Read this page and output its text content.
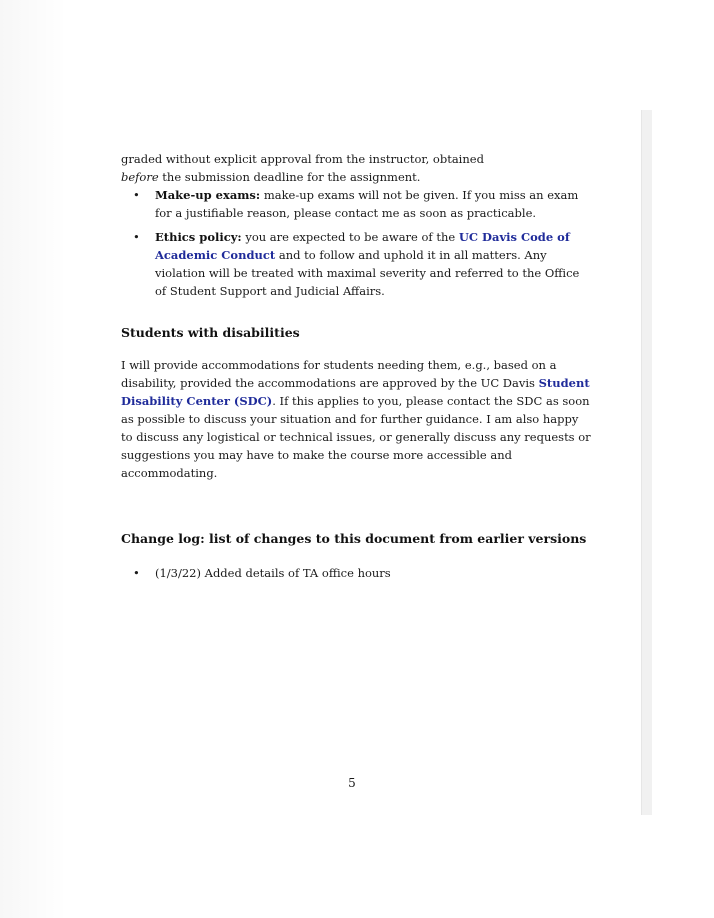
graded without explicit approval from the instructor, obtained before the submission deadline for the assignment.

• Make-up exams: make-up exams will not be given. If you miss an exam for a justifiable reason, please contact me as soon as practicable.
• Ethics policy: you are expected to be aware of the UC Davis Code of Academic Conduct and to follow and uphold it in all matters. Any violation will be treated with maximal severity and referred to the Office of Student Support and Judicial Affairs.
Students with disabilities

I will provide accommodations for students needing them, e.g., based on a disability, provided the accommodations are approved by the UC Davis Student Disability Center (SDC). If this applies to you, please contact the SDC as soon as possible to discuss your situation and for further guidance. I am also happy to discuss any logistical or technical issues, or generally discuss any requests or suggestions you may have to make the course more accessible and accommodating.

Change log: list of changes to this document from earlier versions
• (1/3/22) Added details of TA office hours
5
